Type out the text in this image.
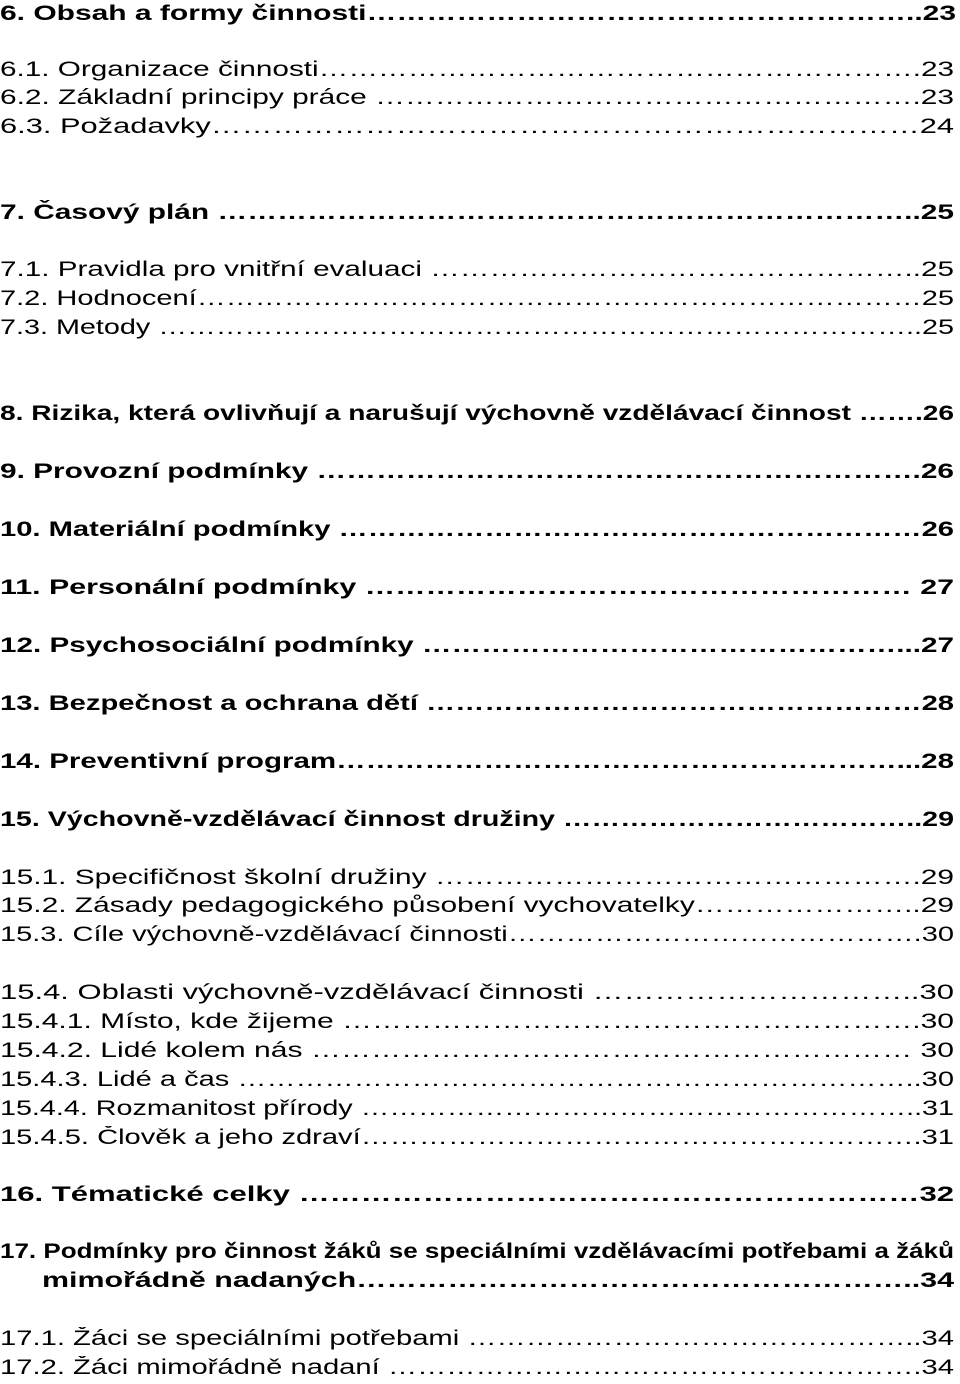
6. Obsah a formy činnosti………………………………………………..23
6.1. Organizace činnosti…………………………………………………….23
6.2. Základní principy práce ……………………………………………….23
6.3. Požadavky……………………………………………………………24
7. Časový plán ……………………………………………………………..25
7.1. Pravidla pro vnitřní evaluaci …………………………………………..25
7.2. Hodnocení…………………………………………………………………25
7.3. Metody ……………………………………………………………………..25
8. Rizika, která ovlivňují a narušují výchovně vzdělávací činnost …….26
9. Provozní podmínky …………………………………………………….26
10. Materiální podmínky ……………………………………………………26
11. Personální podmínky ……………………………………………… 27
12. Psychosociální podmínky …………………………………………...27
13. Bezpečnost a ochrana dětí ……………………………………………28
14. Preventivní program…………………………………………………...28
15. Výchovně-vzdělávací činnost družiny ………………………………..29
15.1. Specifičnost školní družiny ………………………………………….29
15.2. Zásady pedagogického působení vychovatelky…………………..29
15.3. Cíle výchovně-vzdělávací činnosti…………………………………….30
15.4. Oblasti výchovně-vzdělávací činnosti …………………………..30
15.4.1. Místo, kde žijeme ………………………………………………….30
15.4.2. Lidé kolem nás …………………………………………………… 30
15.4.3. Lidé a čas ……………………………………………………………..30
15.4.4. Rozmanitost přírody …………………………………………………..31
15.4.5. Člověk a jeho zdraví………………………………………………….31
16. Tématické celky ……………………………………………………32
17. Podmínky pro činnost žáků se speciálními vzdělávacími potřebami a žáků
mimořádně nadaných………………………………………………..34
17.1. Žáci se speciálními potřebami ………………………………………..34
17.2. Žáci mimořádně nadaní ……………………………………………….34
